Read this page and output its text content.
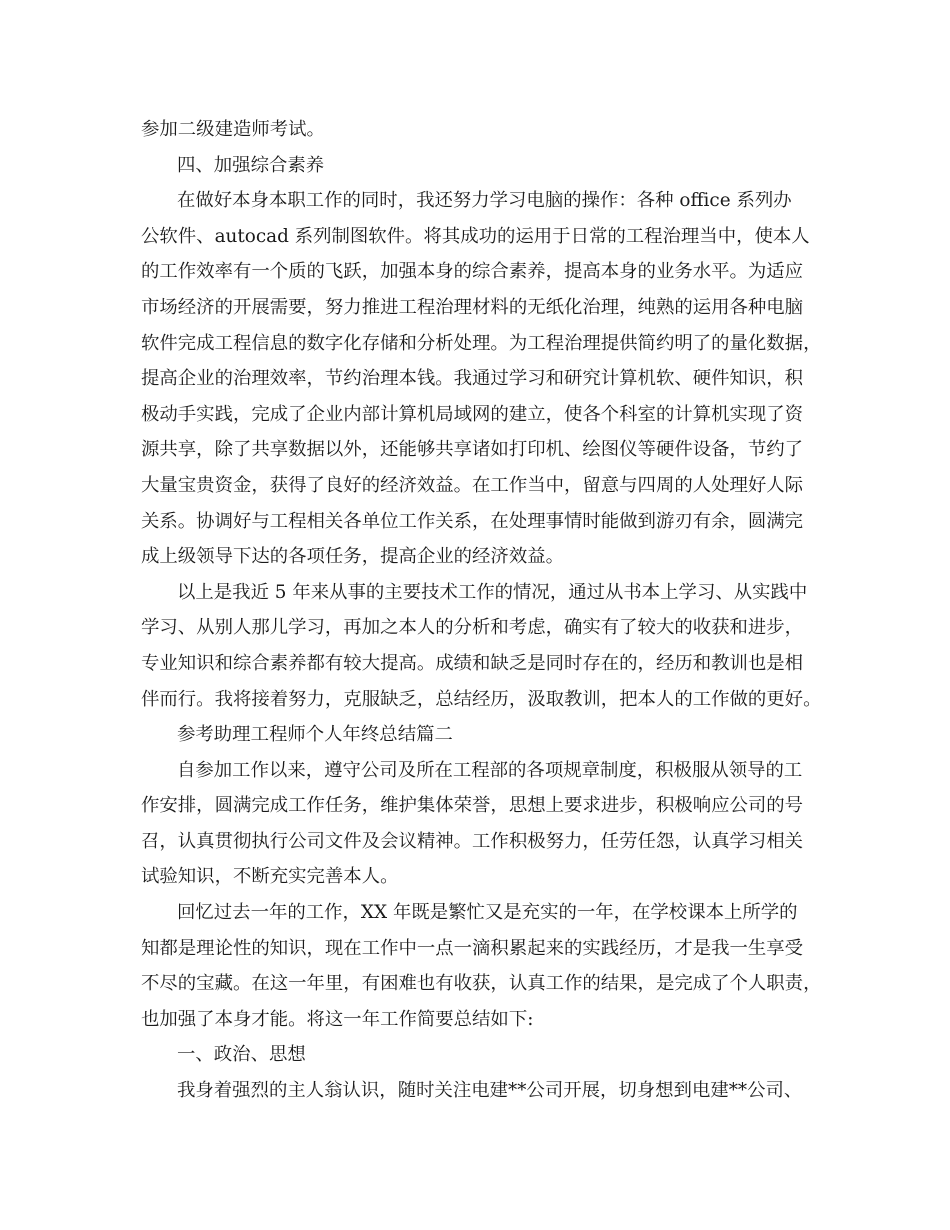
参加二级建造师考试。
四、加强综合素养
在做好本身本职工作的同时，我还努力学习电脑的操作：各种 office 系列办
公软件、autocad 系列制图软件。将其成功的运用于日常的工程治理当中，使本人
的工作效率有一个质的飞跃，加强本身的综合素养，提高本身的业务水平。为适应
市场经济的开展需要，努力推进工程治理材料的无纸化治理，纯熟的运用各种电脑
软件完成工程信息的数字化存储和分析处理。为工程治理提供简约明了的量化数据，
提高企业的治理效率，节约治理本钱。我通过学习和研究计算机软、硬件知识，积
极动手实践，完成了企业内部计算机局域网的建立，使各个科室的计算机实现了资
源共享，除了共享数据以外，还能够共享诸如打印机、绘图仪等硬件设备，节约了
大量宝贵资金，获得了良好的经济效益。在工作当中，留意与四周的人处理好人际
关系。协调好与工程相关各单位工作关系，在处理事情时能做到游刃有余，圆满完
成上级领导下达的各项任务，提高企业的经济效益。
以上是我近 5 年来从事的主要技术工作的情况，通过从书本上学习、从实践中
学习、从别人那儿学习，再加之本人的分析和考虑，确实有了较大的收获和进步，
专业知识和综合素养都有较大提高。成绩和缺乏是同时存在的，经历和教训也是相
伴而行。我将接着努力，克服缺乏，总结经历，汲取教训，把本人的工作做的更好。
参考助理工程师个人年终总结篇二
自参加工作以来，遵守公司及所在工程部的各项规章制度，积极服从领导的工
作安排，圆满完成工作任务，维护集体荣誉，思想上要求进步，积极响应公司的号
召，认真贯彻执行公司文件及会议精神。工作积极努力，任劳任怨，认真学习相关
试验知识，不断充实完善本人。
回忆过去一年的工作，XX 年既是繁忙又是充实的一年，在学校课本上所学的
知都是理论性的知识，现在工作中一点一滴积累起来的实践经历，才是我一生享受
不尽的宝藏。在这一年里，有困难也有收获，认真工作的结果，是完成了个人职责，
也加强了本身才能。将这一年工作简要总结如下:
一、政治、思想
我身着强烈的主人翁认识，随时关注电建**公司开展，切身想到电建**公司、
